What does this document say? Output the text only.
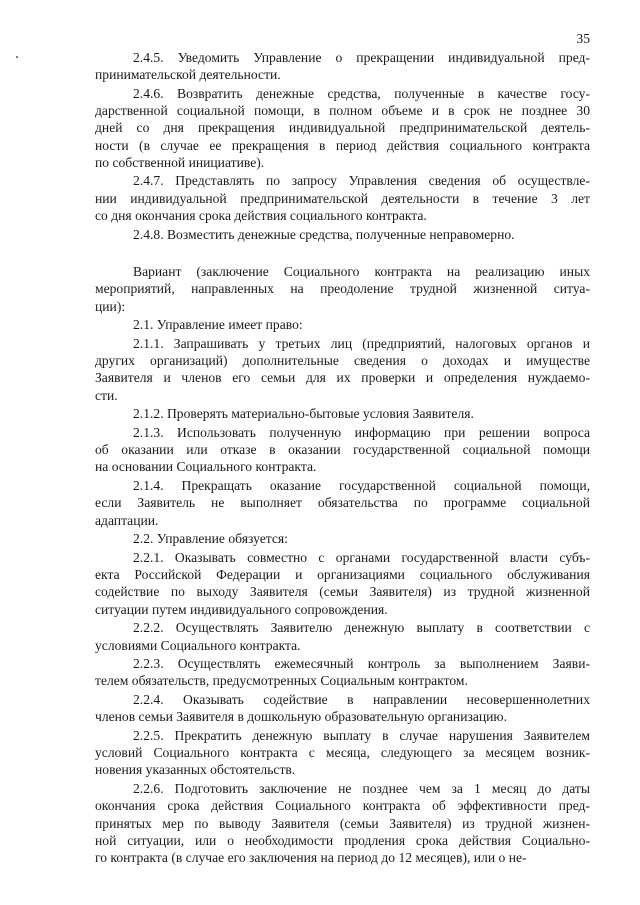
35
2.4.5. Уведомить Управление о прекращении индивидуальной пред-
принимательской деятельности.
2.4.6. Возвратить денежные средства, полученные в качестве госу-
дарственной социальной помощи, в полном объеме и в срок не позднее 30
дней со дня прекращения индивидуальной предпринимательской деятель-
ности (в случае ее прекращения в период действия социального контракта
по собственной инициативе).
2.4.7. Представлять по запросу Управления сведения об осуществле-
нии индивидуальной предпринимательской деятельности в течение 3 лет
со дня окончания срока действия социального контракта.
2.4.8. Возместить денежные средства, полученные неправомерно.
Вариант (заключение Социального контракта на реализацию иных
мероприятий, направленных на преодоление трудной жизненной ситуа-
ции):
2.1. Управление имеет право:
2.1.1. Запрашивать у третьих лиц (предприятий, налоговых органов и
других организаций) дополнительные сведения о доходах и имуществе
Заявителя и членов его семьи для их проверки и определения нуждаемо-
сти.
2.1.2. Проверять материально-бытовые условия Заявителя.
2.1.3. Использовать полученную информацию при решении вопроса
об оказании или отказе в оказании государственной социальной помощи
на основании Социального контракта.
2.1.4. Прекращать оказание государственной социальной помощи,
если Заявитель не выполняет обязательства по программе социальной
адаптации.
2.2. Управление обязуется:
2.2.1. Оказывать совместно с органами государственной власти субъ-
екта Российской Федерации и организациями социального обслуживания
содействие по выходу Заявителя (семьи Заявителя) из трудной жизненной
ситуации путем индивидуального сопровождения.
2.2.2. Осуществлять Заявителю денежную выплату в соответствии с
условиями Социального контракта.
2.2.3. Осуществлять ежемесячный контроль за выполнением Заяви-
телем обязательств, предусмотренных Социальным контрактом.
2.2.4. Оказывать содействие в направлении несовершеннолетних
членов семьи Заявителя в дошкольную образовательную организацию.
2.2.5. Прекратить денежную выплату в случае нарушения Заявителем
условий Социального контракта с месяца, следующего за месяцем возник-
новения указанных обстоятельств.
2.2.6. Подготовить заключение не позднее чем за 1 месяц до даты
окончания срока действия Социального контракта об эффективности пред-
принятых мер по выводу Заявителя (семьи Заявителя) из трудной жизнен-
ной ситуации, или о необходимости продления срока действия Социально-
го контракта (в случае его заключения на период до 12 месяцев), или о не-
